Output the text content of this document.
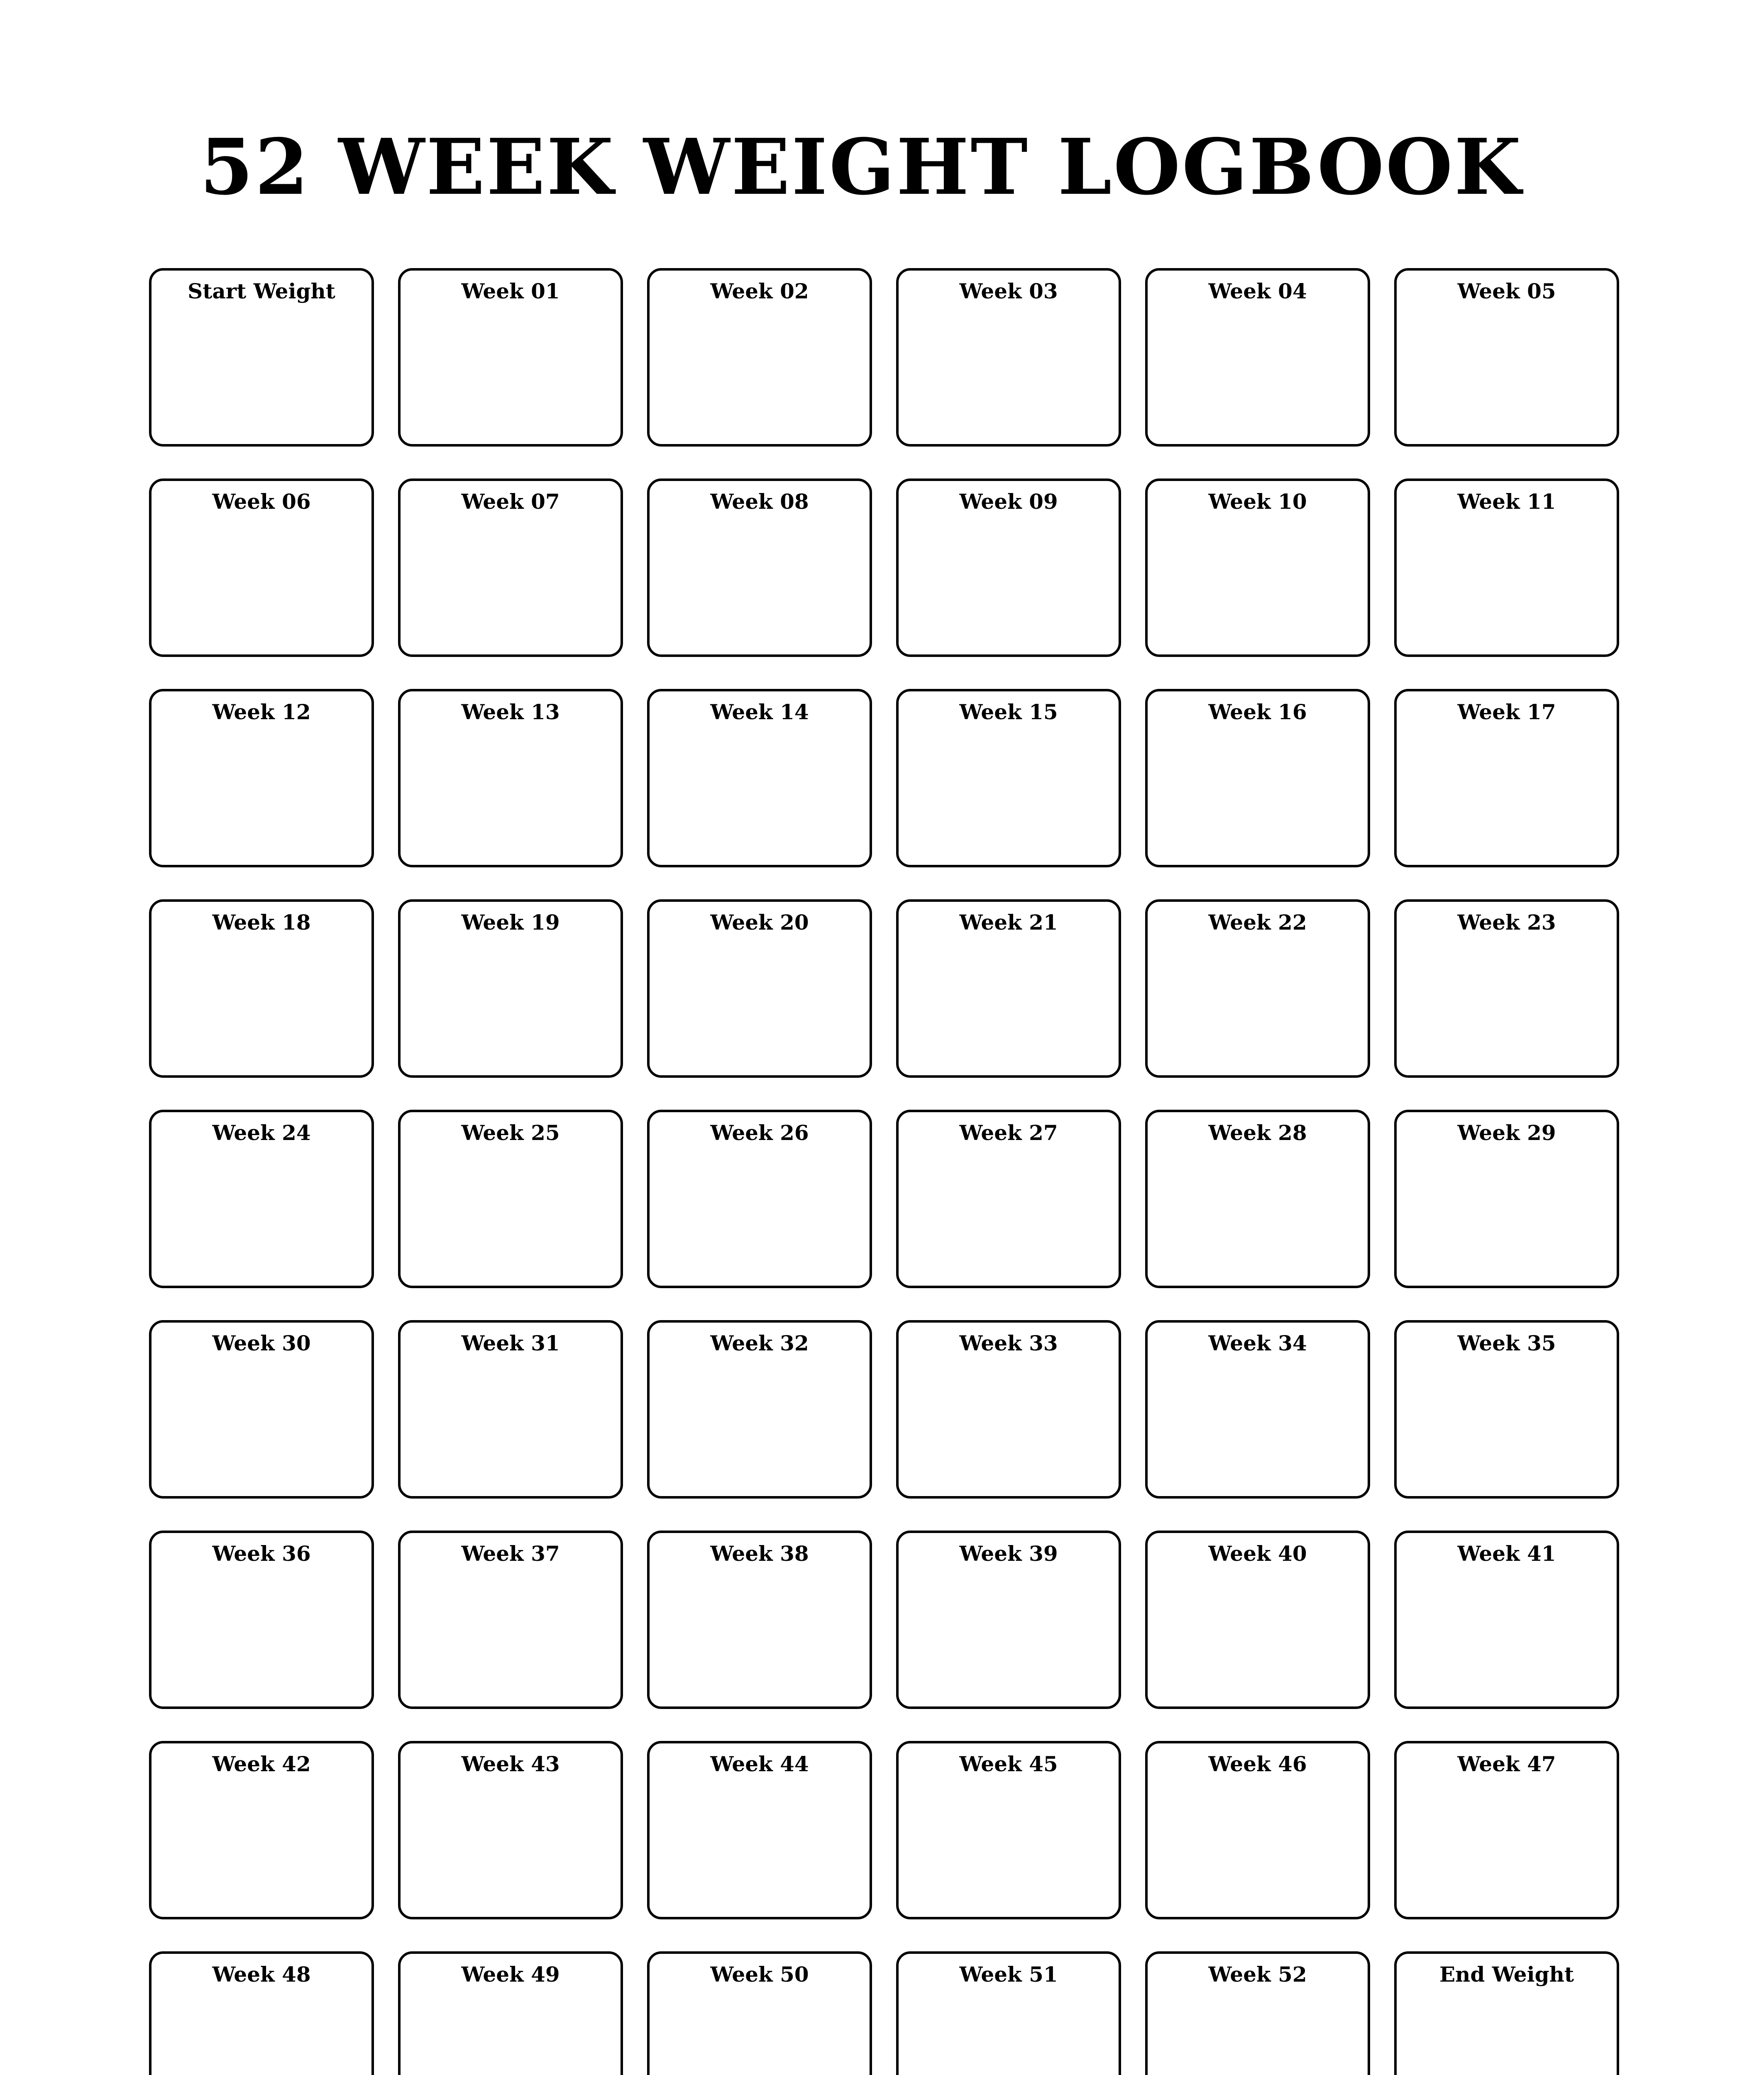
52 WEEK WEIGHT LOGBOOK
Start Weight	Week 01	Week 02	Week 03	Week 04	Week 05
Week 06	Week 07	Week 08	Week 09	Week 10	Week 11
Week 12	Week 13	Week 14	Week 15	Week 16	Week 17
Week 18	Week 19	Week 20	Week 21	Week 22	Week 23
Week 24	Week 25	Week 26	Week 27	Week 28	Week 29
Week 30	Week 31	Week 32	Week 33	Week 34	Week 35
Week 36	Week 37	Week 38	Week 39	Week 40	Week 41
Week 42	Week 43	Week 44	Week 45	Week 46	Week 47
Week 48	Week 49	Week 50	Week 51	Week 52	End Weight
